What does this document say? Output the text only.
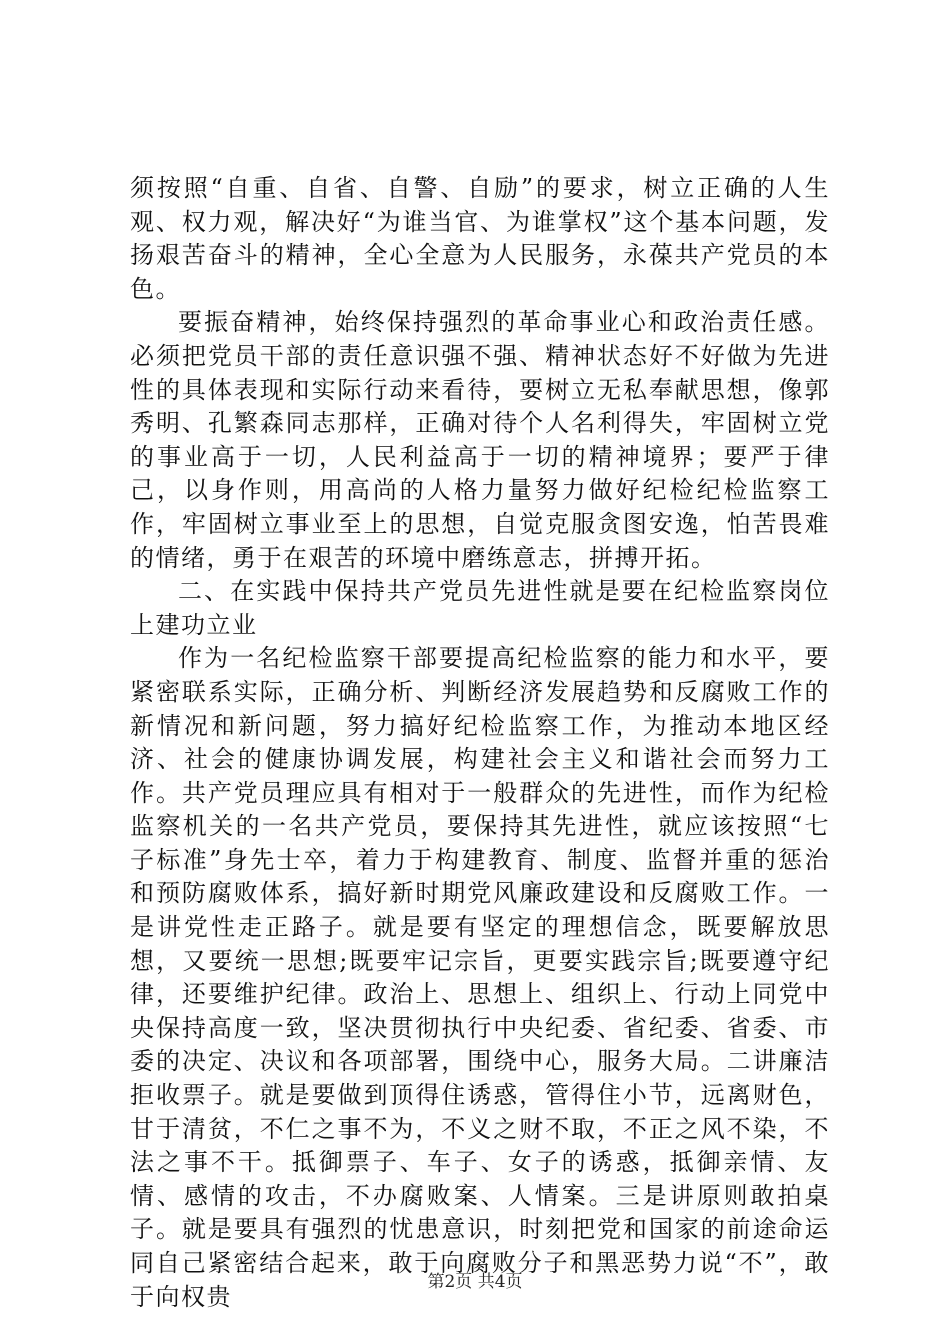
须按照“自重、自省、自警、自励”的要求，树立正确的人生观、权力观，解决好“为谁当官、为谁掌权”这个基本问题，发扬艰苦奋斗的精神，全心全意为人民服务，永葆共产党员的本色。

要振奋精神，始终保持强烈的革命事业心和政治责任感。必须把党员干部的责任意识强不强、精神状态好不好做为先进性的具体表现和实际行动来看待，要树立无私奉献思想，像郭秀明、孔繁森同志那样，正确对待个人名利得失，牢固树立党的事业高于一切，人民利益高于一切的精神境界；要严于律己，以身作则，用高尚的人格力量努力做好纪检纪检监察工作，牢固树立事业至上的思想，自觉克服贪图安逸，怕苦畏难的情绪，勇于在艰苦的环境中磨练意志，拼搏开拓。

二、在实践中保持共产党员先进性就是要在纪检监察岗位上建功立业

作为一名纪检监察干部要提高纪检监察的能力和水平，要紧密联系实际，正确分析、判断经济发展趋势和反腐败工作的新情况和新问题，努力搞好纪检监察工作，为推动本地区经济、社会的健康协调发展，构建社会主义和谐社会而努力工作。共产党员理应具有相对于一般群众的先进性，而作为纪检监察机关的一名共产党员，要保持其先进性，就应该按照“七子标准”身先士卒，着力于构建教育、制度、监督并重的惩治和预防腐败体系，搞好新时期党风廉政建设和反腐败工作。一是讲党性走正路子。就是要有坚定的理想信念，既要解放思想，又要统一思想;既要牢记宗旨，更要实践宗旨;既要遵守纪律，还要维护纪律。政治上、思想上、组织上、行动上同党中央保持高度一致，坚决贯彻执行中央纪委、省纪委、省委、市委的决定、决议和各项部署，围绕中心，服务大局。二讲廉洁拒收票子。就是要做到顶得住诱惑，管得住小节，远离财色，甘于清贫，不仁之事不为，不义之财不取，不正之风不染，不法之事不干。抵御票子、车子、女子的诱惑，抵御亲情、友情、感情的攻击，不办腐败案、人情案。三是讲原则敢拍桌子。就是要具有强烈的忧患意识，时刻把党和国家的前途命运同自己紧密结合起来，敢于向腐败分子和黑恶势力说“不”，敢于向权贵

第2页 共4页
